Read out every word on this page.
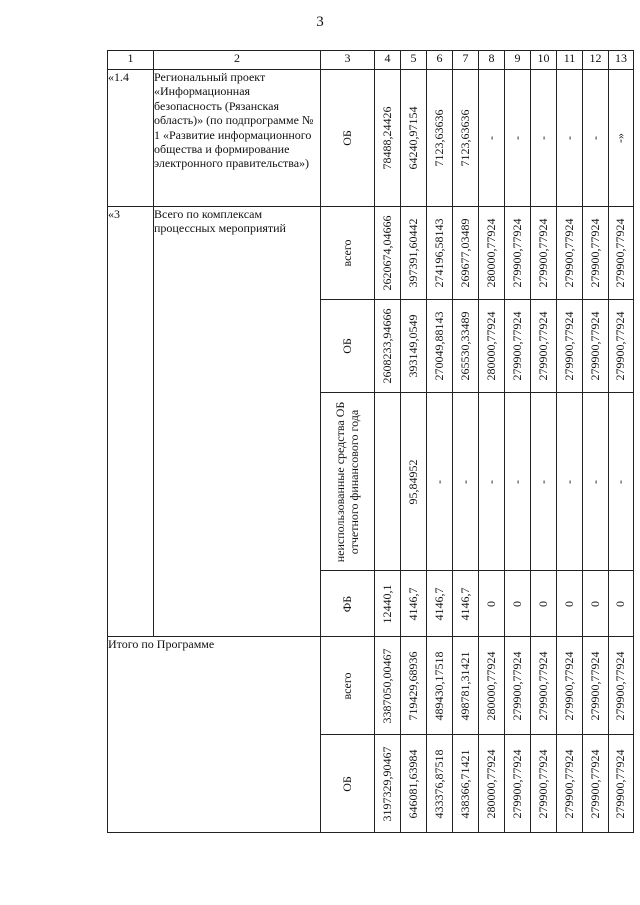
3
1	2	3	4	5	6	7	8	9	10	11	12	13
«1.4	Региональный проект «Информационная безопасность (Рязанская область)» (по подпрограмме № 1 «Развитие информационного общества и формирование электронного правительства»)	ОБ	78488,24426	64240,97154	7123,63636	7123,63636	-	-	-	-	-	-»

«3	Всего по комплексам процессных мероприятий	всего	2620674,04666	397391,60442	274196,58143	269677,03489	280000,77924	279900,77924	279900,77924	279900,77924	279900,77924	279900,77924

		ОБ	2608233,94666	393149,0549	270049,88143	265530,33489	280000,77924	279900,77924	279900,77924	279900,77924	279900,77924	279900,77924

		неиспользованные средства ОБ отчетного финансового года		95,84952	-	-	-	-	-	-	-	-

		ФБ	12440,1	4146,7	4146,7	4146,7	0	0	0	0	0	0

Итого по Программе		всего	3387050,00467	719429,68936	489430,17518	498781,31421	280000,77924	279900,77924	279900,77924	279900,77924	279900,77924	279900,77924

		ОБ	3197329,90467	646081,63984	433376,87518	438366,71421	280000,77924	279900,77924	279900,77924	279900,77924	279900,77924	279900,77924
